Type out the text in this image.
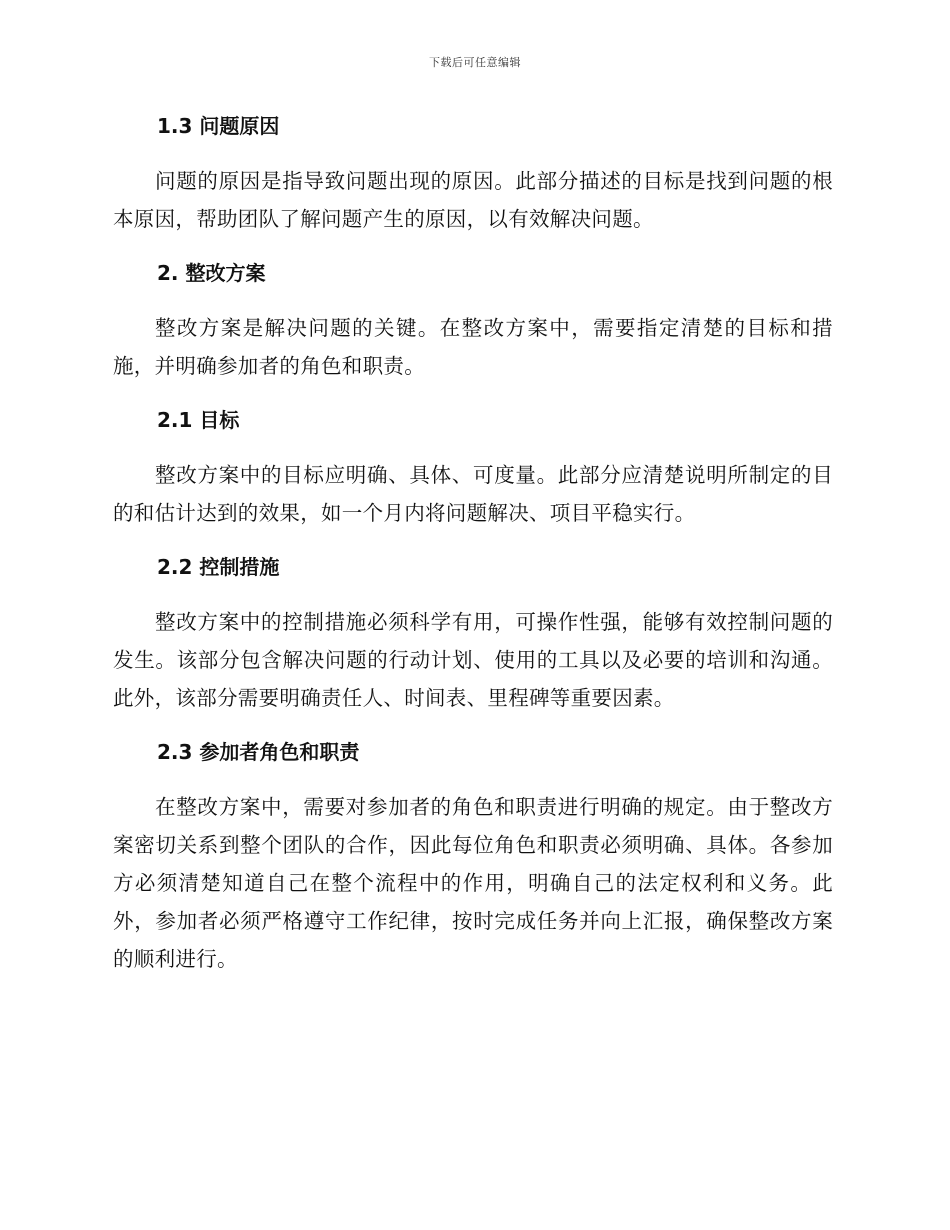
下载后可任意编辑
1.3 问题原因

问题的原因是指导致问题出现的原因。此部分描述的目标是找到问题的根本原因，帮助团队了解问题产生的原因，以有效解决问题。

2. 整改方案

整改方案是解决问题的关键。在整改方案中，需要指定清楚的目标和措施，并明确参加者的角色和职责。

2.1 目标

整改方案中的目标应明确、具体、可度量。此部分应清楚说明所制定的目的和估计达到的效果，如一个月内将问题解决、项目平稳实行。

2.2 控制措施

整改方案中的控制措施必须科学有用，可操作性强，能够有效控制问题的发生。该部分包含解决问题的行动计划、使用的工具以及必要的培训和沟通。此外，该部分需要明确责任人、时间表、里程碑等重要因素。

2.3 参加者角色和职责

在整改方案中，需要对参加者的角色和职责进行明确的规定。由于整改方案密切关系到整个团队的合作，因此每位角色和职责必须明确、具体。各参加方必须清楚知道自己在整个流程中的作用，明确自己的法定权利和义务。此外，参加者必须严格遵守工作纪律，按时完成任务并向上汇报，确保整改方案的顺利进行。
